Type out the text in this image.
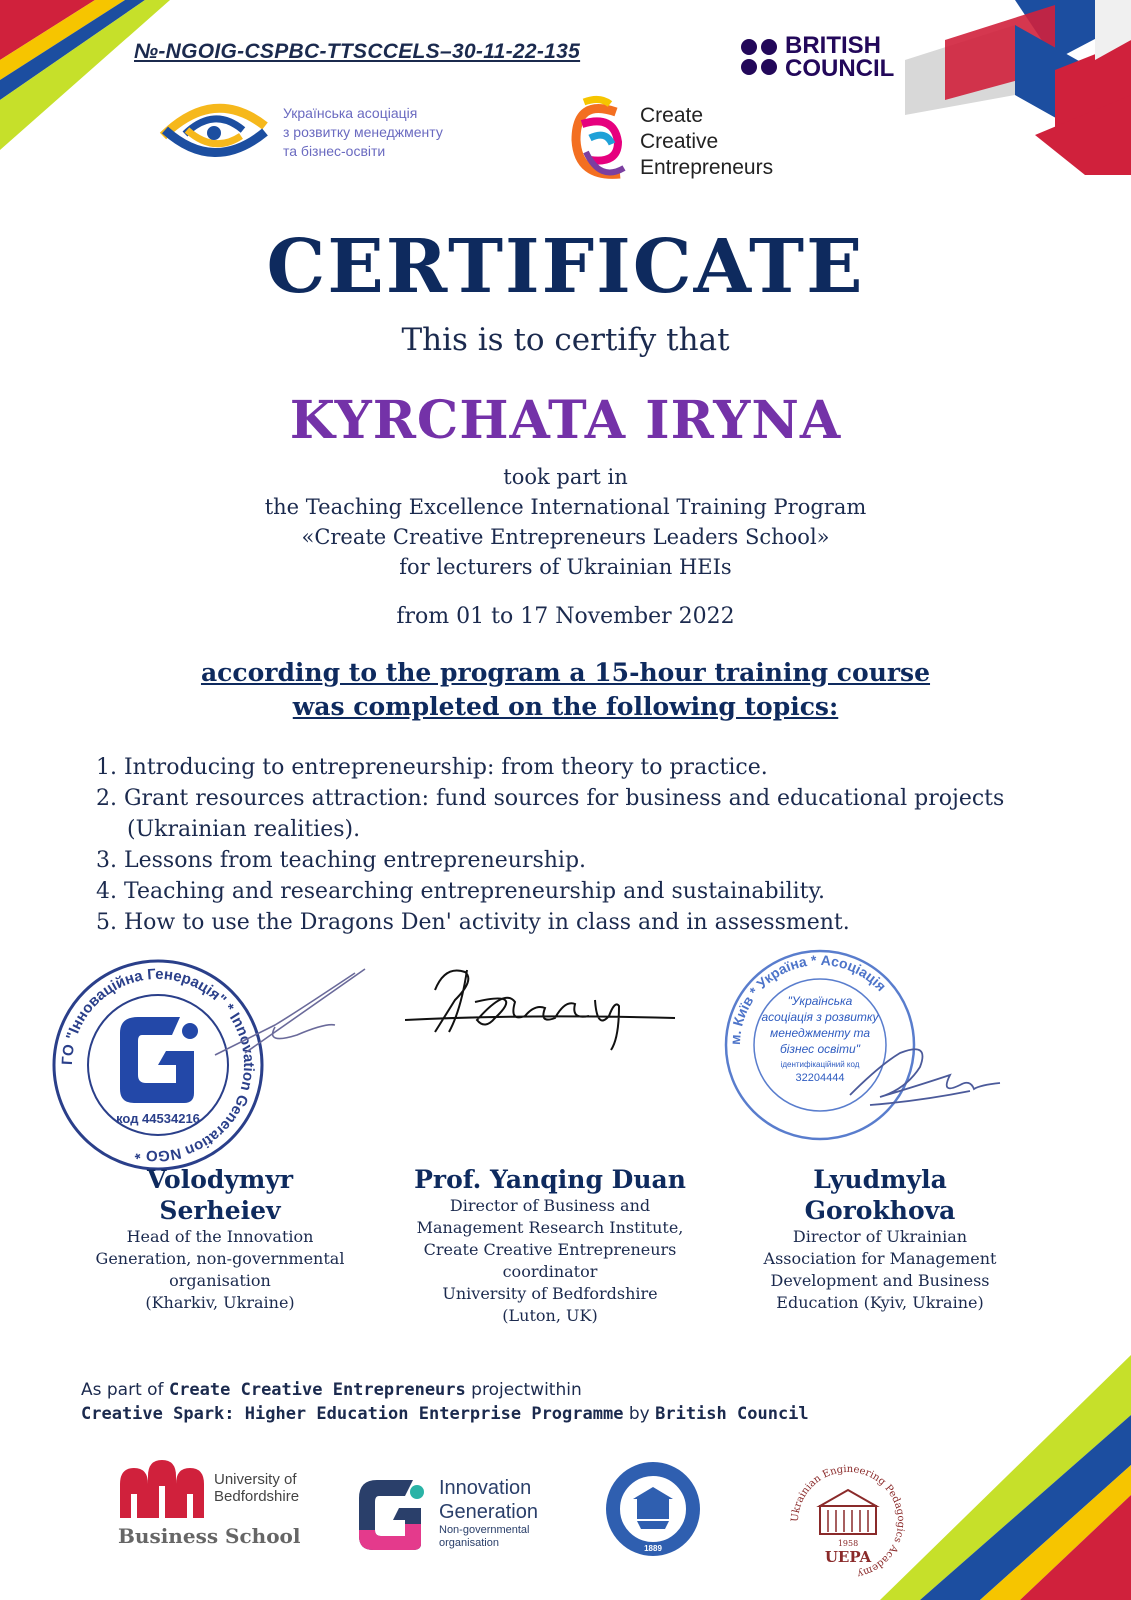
№-NGOIG-CSPBC-TTSCCELS–30-11-22-135	BRITISH
COUNCIL
Українська асоціація
з розвитку менеджменту
та бізнес-освіти
Create
Creative
Entrepreneurs
CERTIFICATE
This is to certify that
KYRCHATA IRYNA
took part in
the Teaching Excellence International Training Program
«Create Creative Entrepreneurs Leaders School»
for lecturers of Ukrainian HEIs
from 01 to 17 November 2022
according to the program a 15-hour training course
was completed on the following topics:
1. Introducing to entrepreneurship: from theory to practice.
2. Grant resources attraction: fund sources for business and educational projects (Ukrainian realities).
3. Lessons from teaching entrepreneurship.
4. Teaching and researching entrepreneurship and sustainability.
5. How to use the Dragons Den' activity in class and in assessment.
ГО "Інноваційна Генерація" * Innovation Generation NGO *
код 44534216
м. Київ * Україна * Асоціація
"Українська
асоціація з розвитку
менеджменту та
бізнес освіти"
ідентифікаційний код
32204444
Volodymyr
Serheiev
Head of the Innovation
Generation, non-governmental
organisation
(Kharkiv, Ukraine)
Prof. Yanqing Duan
Director of Business and
Management Research Institute,
Create Creative Entrepreneurs
coordinator
University of Bedfordshire
(Luton, UK)
Lyudmyla
Gorokhova
Director of Ukrainian
Association for Management
Development and Business
Education (Kyiv, Ukraine)
As part of Create Creative Entrepreneurs projectwithin
Creative Spark: Higher Education Enterprise Programme by British Council
University of
Bedfordshire
Business School
Innovation
Generation
Non-governmental
organisation	1889
Ukrainian Engineering Pedagogics Academy
1958
UEPA
